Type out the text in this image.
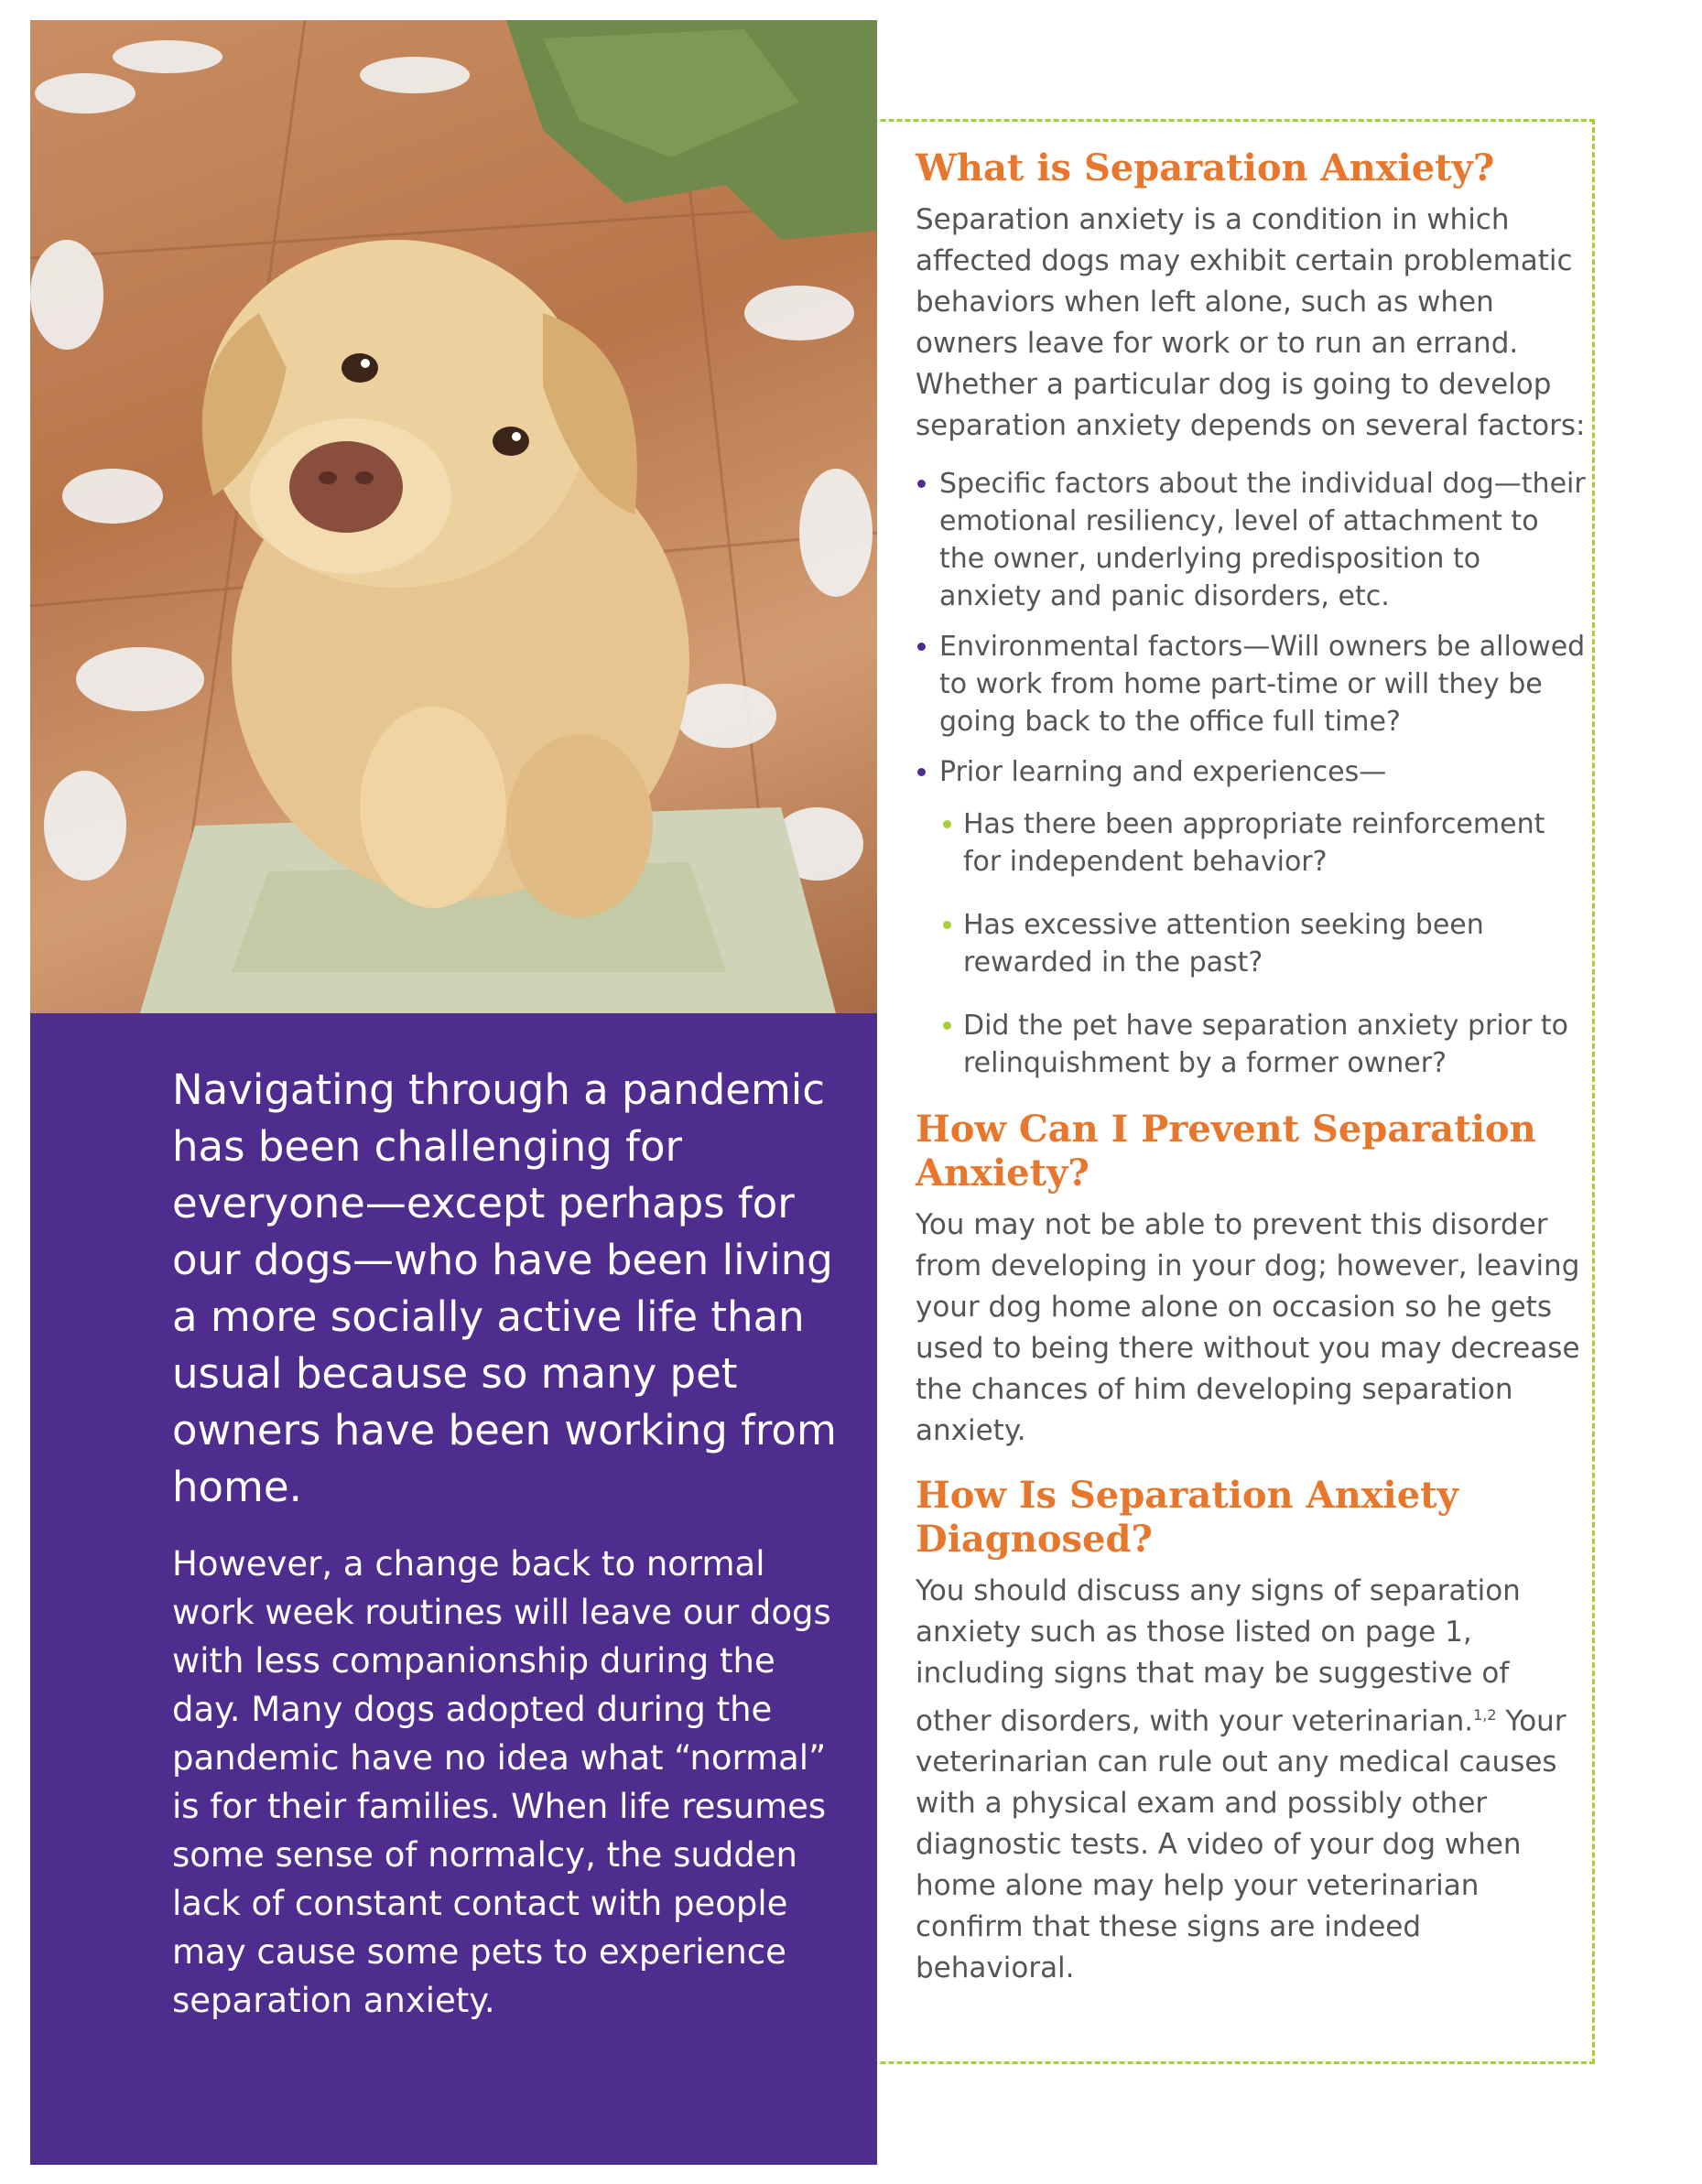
Navigating through a pandemic has been challenging for everyone—except perhaps for our dogs—who have been living a more socially active life than usual because so many pet owners have been working from home.

However, a change back to normal work week routines will leave our dogs with less companionship during the day. Many dogs adopted during the pandemic have no idea what “normal” is for their families. When life resumes some sense of normalcy, the sudden lack of constant contact with people may cause some pets to experience separation anxiety.

What is Separation Anxiety?

Separation anxiety is a condition in which affected dogs may exhibit certain problematic behaviors when left alone, such as when owners leave for work or to run an errand. Whether a particular dog is going to develop separation anxiety depends on several factors:

Specific factors about the individual dog—their emotional resiliency, level of attachment to the owner, underlying predisposition to anxiety and panic disorders, etc.
Environmental factors—Will owners be allowed to work from home part-time or will they be going back to the office full time?
Prior learning and experiences—
Has there been appropriate reinforcement for independent behavior?
Has excessive attention seeking been rewarded in the past?
Did the pet have separation anxiety prior to relinquishment by a former owner?
How Can I Prevent Separation Anxiety?

You may not be able to prevent this disorder from developing in your dog; however, leaving your dog home alone on occasion so he gets used to being there without you may decrease the chances of him developing separation anxiety.

How Is Separation Anxiety Diagnosed?

You should discuss any signs of separation anxiety such as those listed on page 1, including signs that may be suggestive of other disorders, with your veterinarian.$^{1,2}$ Your veterinarian can rule out any medical causes with a physical exam and possibly other diagnostic tests. A video of your dog when home alone may help your veterinarian confirm that these signs are indeed behavioral.
